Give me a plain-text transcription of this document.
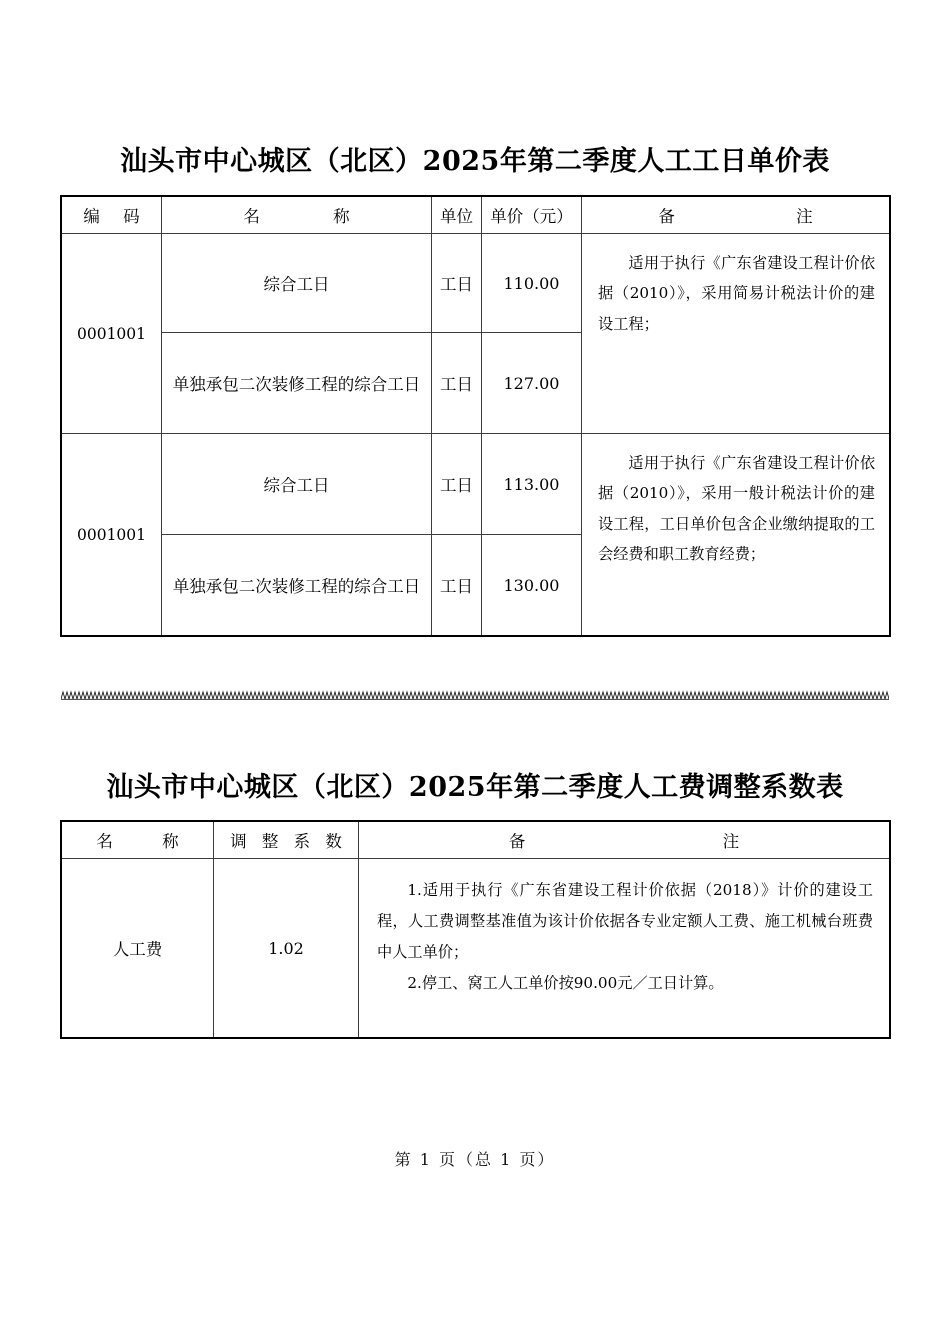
汕头市中心城区（北区）2025年第二季度人工工日单价表
编 码	名 称	单位	单价（元）	备 注
0001001	综合工日	工日	110.00	适用于执行《广东省建设工程计价依据（2010）》，采用简易计税法计价的建设工程；

	单独承包二次装修工程的综合工日	工日	127.00	
0001001	综合工日	工日	113.00	适用于执行《广东省建设工程计价依据（2010）》，采用一般计税法计价的建设工程，工日单价包含企业缴纳提取的工会经费和职工教育经费；

	单独承包二次装修工程的综合工日	工日	130.00	
汕头市中心城区（北区）2025年第二季度人工费调整系数表
名 称	调 整 系 数	备 注
人工费	1.02	1.适用于执行《广东省建设工程计价依据（2018）》计价的建设工程，人工费调整基准值为该计价依据各专业定额人工费、施工机械台班费中人工单价；

2.停工、窝工人工单价按90.00元／工日计算。

第 1 页（总 1 页）
